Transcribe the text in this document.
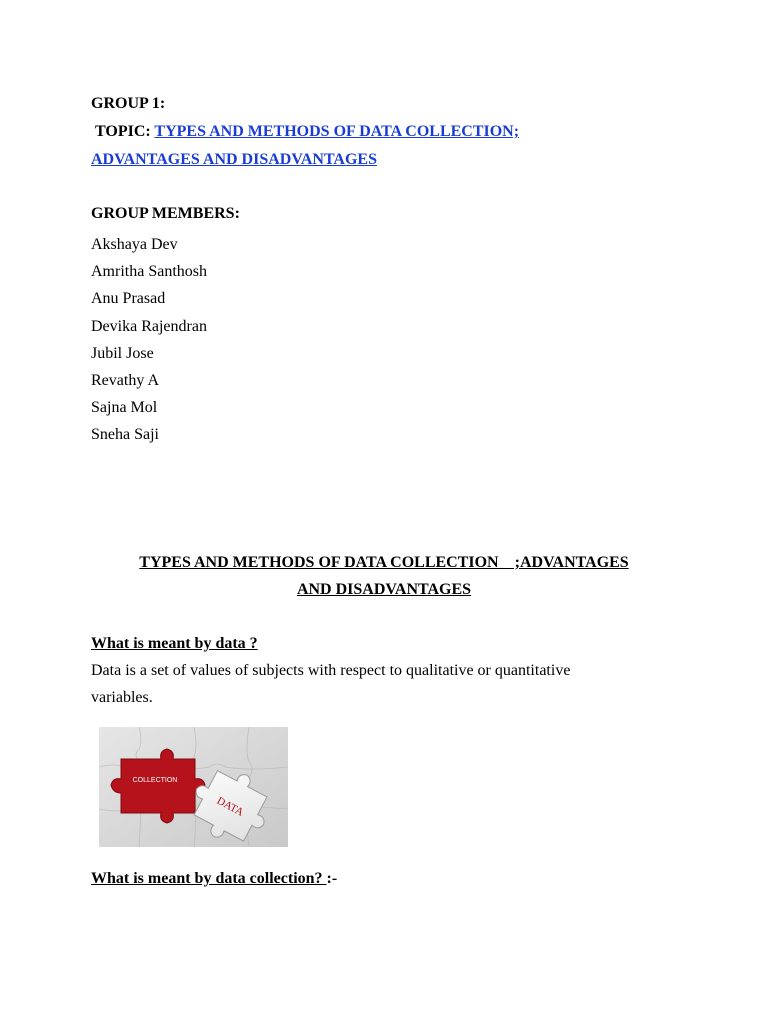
GROUP 1:
TOPIC: TYPES AND METHODS OF DATA COLLECTION;
ADVANTAGES AND DISADVANTAGES
GROUP MEMBERS:
Akshaya Dev
Amritha Santhosh
Anu Prasad
Devika Rajendran
Jubil Jose
Revathy A
Sajna Mol
Sneha Saji
TYPES AND METHODS OF DATA COLLECTION    ;ADVANTAGES
AND DISADVANTAGES
What is meant by data ?
Data is a set of values of subjects with respect to qualitative or quantitative
variables.
COLLECTION
DATA
What is meant by data collection? :-
